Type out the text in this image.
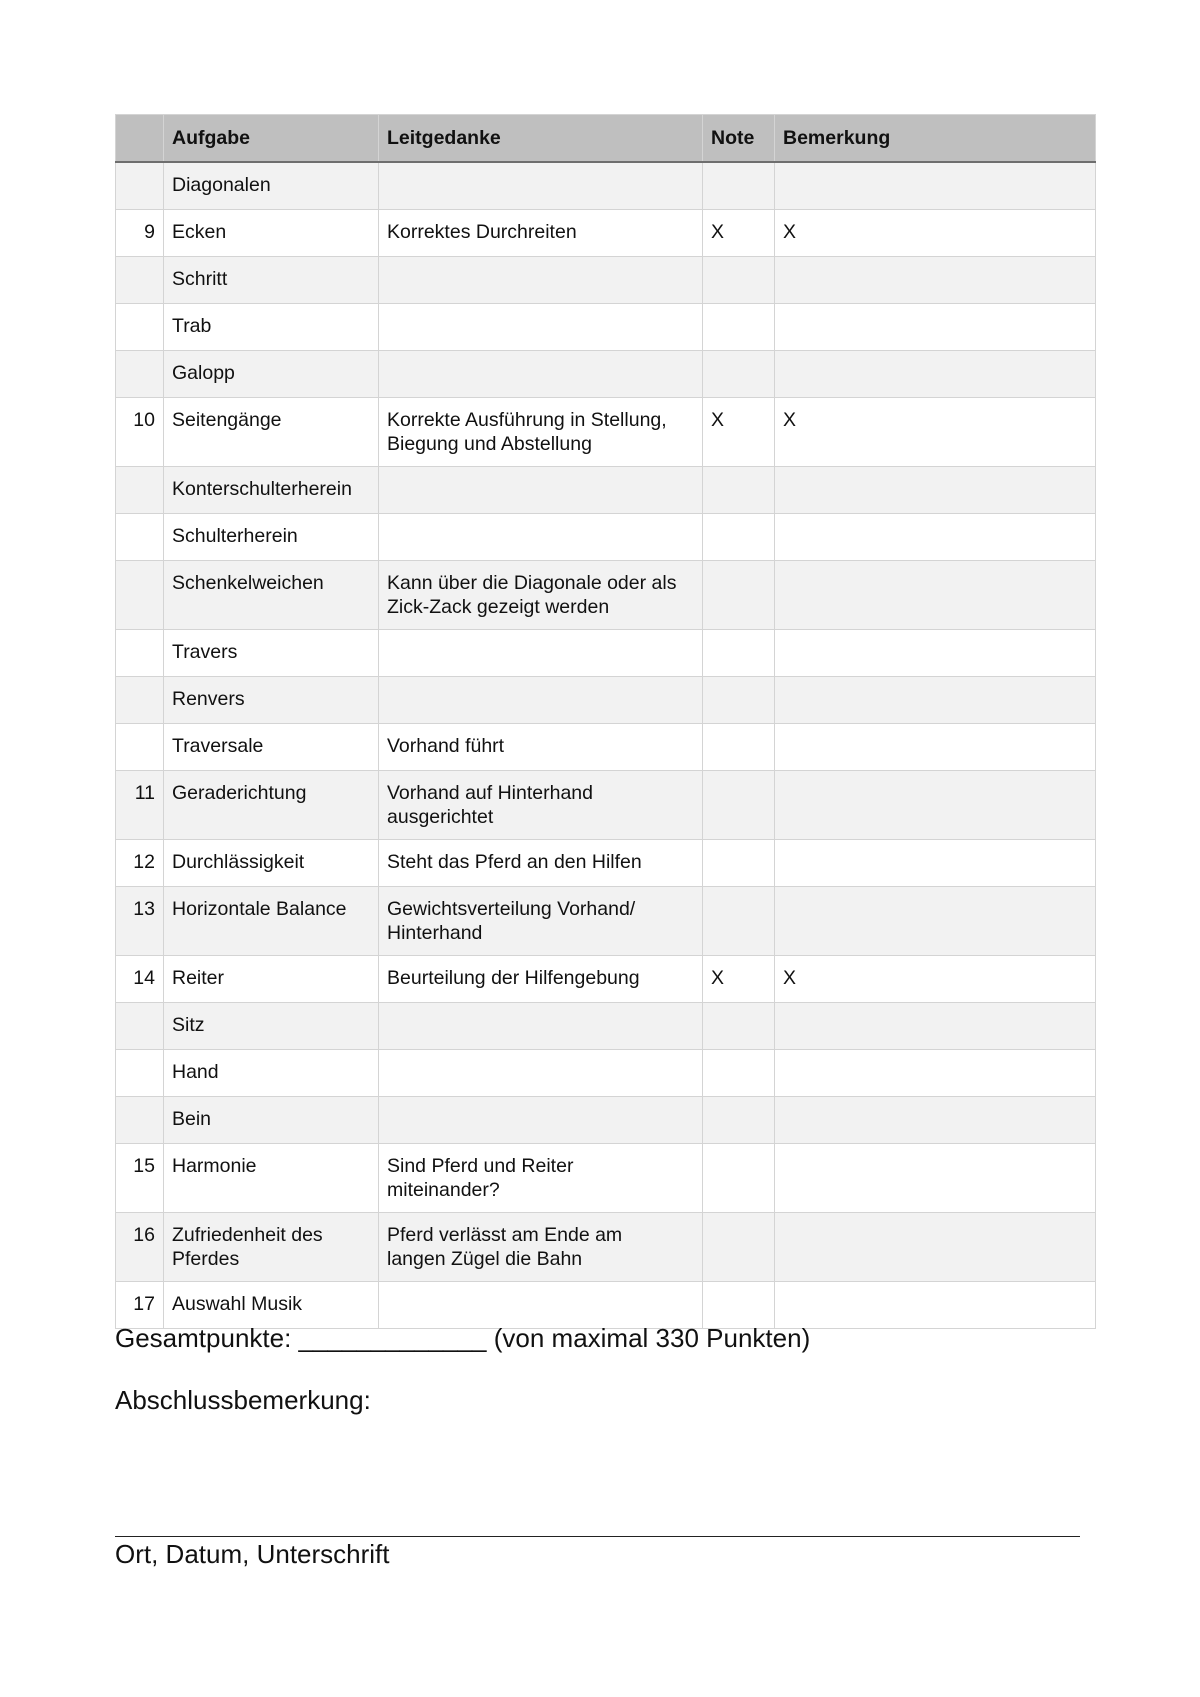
	Aufgabe	Leitgedanke	Note	Bemerkung

	Diagonalen			

9	Ecken	Korrektes Durchreiten	X	X

	Schritt			

	Trab			

	Galopp			

10	Seitengänge	Korrekte Ausführung in Stellung,
Biegung und Abstellung	X	X

	Konterschulterherein			

	Schulterherein			

	Schenkelweichen	Kann über die Diagonale oder als
Zick-Zack gezeigt werden		

	Travers			

	Renvers			

	Traversale	Vorhand führt		

11	Geraderichtung	Vorhand auf Hinterhand
ausgerichtet		

12	Durchlässigkeit	Steht das Pferd an den Hilfen		

13	Horizontale Balance	Gewichtsverteilung Vorhand/
Hinterhand		

14	Reiter	Beurteilung der Hilfengebung	X	X

	Sitz			

	Hand			

	Bein			

15	Harmonie	Sind Pferd und Reiter
miteinander?		

16	Zufriedenheit des
Pferdes	Pferd verlässt am Ende am
langen Zügel die Bahn		

17	Auswahl Musik			

Gesamtpunkte: _____________ (von maximal 330 Punkten)
Abschlussbemerkung:
Ort, Datum, Unterschrift
